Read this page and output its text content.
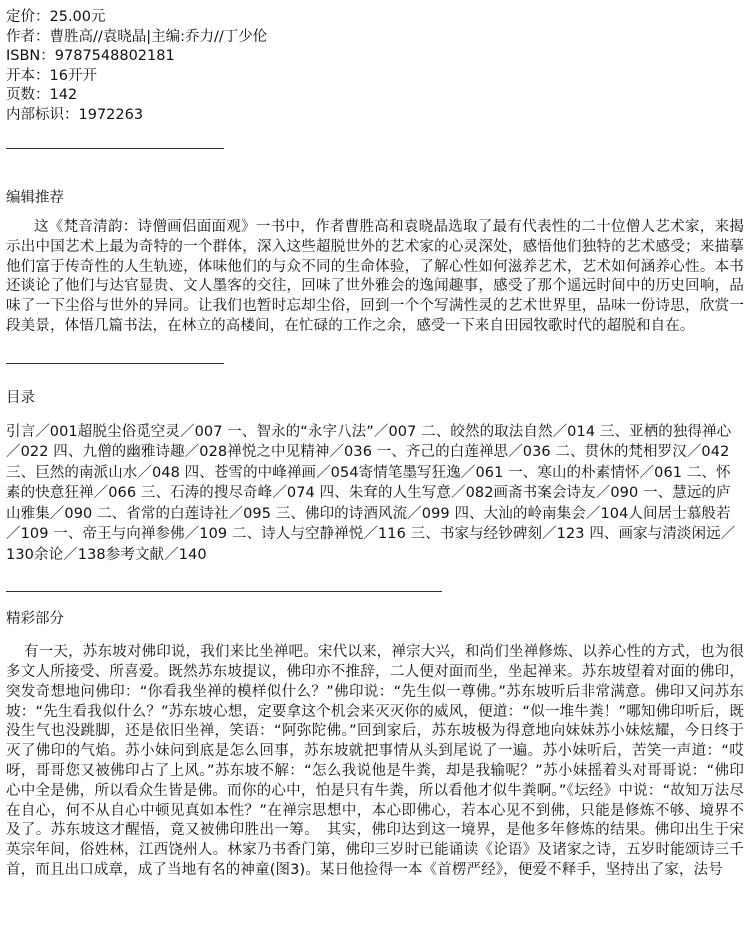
定价：25.00元
作者：曹胜高//袁晓晶|主编:乔力//丁少伦
ISBN：9787548802181
开本：16开开
页数：142
内部标识：1972263
编辑推荐
这《梵音清韵：诗僧画侣面面观》一书中，作者曹胜高和袁晓晶选取了最有代表性的二十位僧人艺术家，来揭示出中国艺术上最为奇特的一个群体，深入这些超脱世外的艺术家的心灵深处，感悟他们独特的艺术感受；来描摹他们富于传奇性的人生轨迹，体味他们的与众不同的生命体验，了解心性如何滋养艺术，艺术如何涵养心性。本书还谈论了他们与达官显贵、文人墨客的交往，回味了世外雅会的逸闻趣事，感受了那个遥远时间中的历史回响，品味了一下尘俗与世外的异同。让我们也暂时忘却尘俗，回到一个个写满性灵的艺术世界里，品味一份诗思，欣赏一段美景，体悟几篇书法，在林立的高楼间，在忙碌的工作之余，感受一下来自田园牧歌时代的超脱和自在。
目录
引言／001超脱尘俗觅空灵／007 一、智永的“永字八法”／007 二、皎然的取法自然／014 三、亚栖的独得禅心／022 四、九僧的幽雅诗趣／028禅悦之中见精神／036 一、齐己的白莲禅思／036 二、贯休的梵相罗汉／042 三、巨然的南派山水／048 四、苍雪的中峰禅画／054寄情笔墨写狂逸／061 一、寒山的朴素情怀／061 二、怀素的快意狂禅／066 三、石涛的搜尽奇峰／074 四、朱耷的人生写意／082画斋书案会诗友／090 一、慧远的庐山雅集／090 二、省常的白莲诗社／095 三、佛印的诗酒风流／099 四、大汕的岭南集会／104人间居士慕般若／109 一、帝王与向禅参佛／109 二、诗人与空静禅悦／116 三、书家与经钞碑刻／123 四、画家与清淡闲远／130余论／138参考文献／140
精彩部分
有一天，苏东坡对佛印说，我们来比坐禅吧。宋代以来，禅宗大兴，和尚们坐禅修炼、以养心性的方式，也为很多文人所接受、所喜爱。既然苏东坡提议，佛印亦不推辞，二人便对面而坐，坐起禅来。苏东坡望着对面的佛印，突发奇想地问佛印：“你看我坐禅的模样似什么？”佛印说：“先生似一尊佛。”苏东坡听后非常满意。佛印又问苏东坡：“先生看我似什么？”苏东坡心想，定要拿这个机会来灭灭你的威风，便道：“似一堆牛粪！”哪知佛印听后，既没生气也没跳脚，还是依旧坐禅，笑语：“阿弥陀佛。”回到家后，苏东坡极为得意地向妹妹苏小妹炫耀，今日终于灭了佛印的气焰。苏小妹问到底是怎么回事，苏东坡就把事情从头到尾说了一遍。苏小妹听后，苦笑一声道：“哎呀，哥哥您又被佛印占了上风。”苏东坡不解：“怎么我说他是牛粪，却是我输呢？”苏小妹摇着头对哥哥说：“佛印心中全是佛，所以看众生皆是佛。而你的心中，怕是只有牛粪，所以看他才似牛粪啊。”《坛经》中说：“故知万法尽在自心，何不从自心中顿见真如本性？”在禅宗思想中，本心即佛心，若本心见不到佛，只能是修炼不够、境界不及了。苏东坡这才醒悟，竟又被佛印胜出一筹。　其实，佛印达到这一境界，是他多年修炼的结果。佛印出生于宋英宗年间，俗姓林，江西饶州人。林家乃书香门第，佛印三岁时已能诵读《论语》及诸家之诗，五岁时能颂诗三千首，而且出口成章，成了当地有名的神童(图3)。某日他捡得一本《首楞严经》，便爱不释手，坚持出了家，法号
